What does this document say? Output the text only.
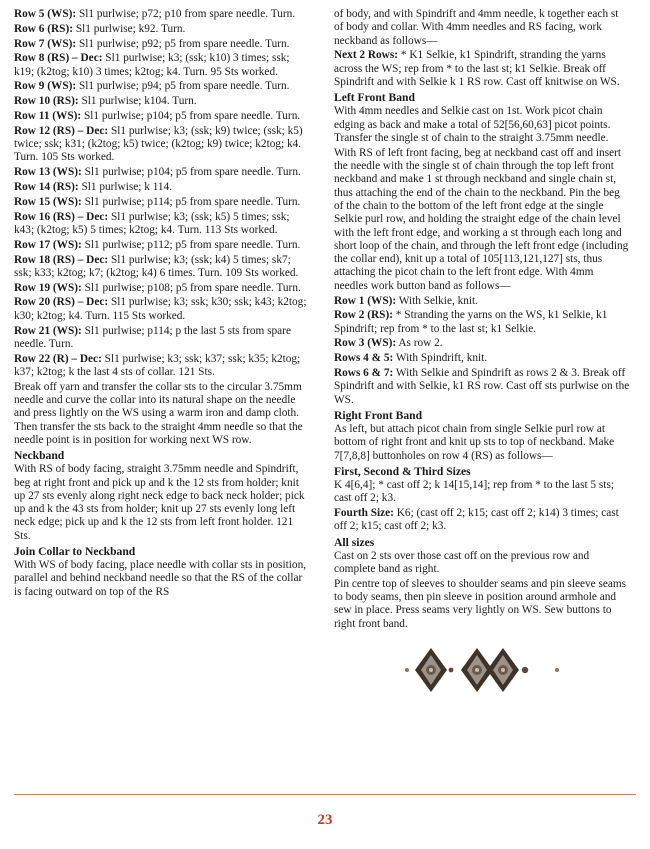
Row 5 (WS): Sl1 purlwise; p72; p10 from spare needle. Turn.

Row 6 (RS): Sl1 purlwise; k92. Turn.

Row 7 (WS): Sl1 purlwise; p92; p5 from spare needle. Turn.

Row 8 (RS) – Dec: Sl1 purlwise; k3; (ssk; k10) 3 times; ssk; k19; (k2tog; k10) 3 times; k2tog; k4. Turn. 95 Sts worked.

Row 9 (WS): Sl1 purlwise; p94; p5 from spare needle. Turn.

Row 10 (RS): Sl1 purlwise; k104. Turn.

Row 11 (WS): Sl1 purlwise; p104; p5 from spare needle. Turn.

Row 12 (RS) – Dec: Sl1 purlwise; k3; (ssk; k9) twice; (ssk; k5) twice; ssk; k31; (k2tog; k5) twice; (k2tog; k9) twice; k2tog; k4. Turn. 105 Sts worked.

Row 13 (WS): Sl1 purlwise; p104; p5 from spare needle. Turn.

Row 14 (RS): Sl1 purlwise; k 114.

Row 15 (WS): Sl1 purlwise; p114; p5 from spare needle. Turn.

Row 16 (RS) – Dec: Sl1 purlwise; k3; (ssk; k5) 5 times; ssk; k43; (k2tog; k5) 5 times; k2tog; k4. Turn. 113 Sts worked.

Row 17 (WS): Sl1 purlwise; p112; p5 from spare needle. Turn.

Row 18 (RS) – Dec: Sl1 purlwise; k3; (ssk; k4) 5 times; sk7; ssk; k33; k2tog; k7; (k2tog; k4) 6 times. Turn. 109 Sts worked.

Row 19 (WS): Sl1 purlwise; p108; p5 from spare needle. Turn.

Row 20 (RS) – Dec: Sl1 purlwise; k3; ssk; k30; ssk; k43; k2tog; k30; k2tog; k4. Turn. 115 Sts worked.

Row 21 (WS): Sl1 purlwise; p114; p the last 5 sts from spare needle. Turn.

Row 22 (R) – Dec: Sl1 purlwise; k3; ssk; k37; ssk; k35; k2tog; k37; k2tog; k the last 4 sts of collar. 121 Sts.

Break off yarn and transfer the collar sts to the circular 3.75mm needle and curve the collar into its natural shape on the needle and press lightly on the WS using a warm iron and damp cloth. Then transfer the sts back to the straight 4mm needle so that the needle point is in position for working next WS row.

Neckband

With RS of body facing, straight 3.75mm needle and Spindrift, beg at right front and pick up and k the 12 sts from holder; knit up 27 sts evenly along right neck edge to back neck holder; pick up and k the 43 sts from holder; knit up 27 sts evenly long left neck edge; pick up and k the 12 sts from left front holder. 121 Sts.

Join Collar to Neckband

With WS of body facing, place needle with collar sts in position, parallel and behind neckband needle so that the RS of the collar is facing outward on top of the RS

of body, and with Spindrift and 4mm needle, k together each st of body and collar. With 4mm needles and RS facing, work neckband as follows—

Next 2 Rows: * K1 Selkie, k1 Spindrift, stranding the yarns across the WS; rep from * to the last st; k1 Selkie. Break off Spindrift and with Selkie k 1 RS row. Cast off knitwise on WS.

Left Front Band

With 4mm needles and Selkie cast on 1st. Work picot chain edging as back and make a total of 52[56,60,63] picot points. Transfer the single st of chain to the straight 3.75mm needle.

With RS of left front facing, beg at neckband cast off and insert the needle with the single st of chain through the top left front neckband and make 1 st through neckband and single chain st, thus attaching the end of the chain to the neckband. Pin the beg of the chain to the bottom of the left front edge at the single Selkie purl row, and holding the straight edge of the chain level with the left front edge, and working a st through each long and short loop of the chain, and through the left front edge (including the collar end), knit up a total of 105[113,121,127] sts, thus attaching the picot chain to the left front edge. With 4mm needles work button band as follows—

Row 1 (WS): With Selkie, knit.

Row 2 (RS): * Stranding the yarns on the WS, k1 Selkie, k1 Spindrift; rep from * to the last st; k1 Selkie.

Row 3 (WS): As row 2.

Rows 4 & 5: With Spindrift, knit.

Rows 6 & 7: With Selkie and Spindrift as rows 2 & 3. Break off Spindrift and with Selkie, k1 RS row. Cast off sts purlwise on the WS.

Right Front Band

As left, but attach picot chain from single Selkie purl row at bottom of right front and knit up sts to top of neckband. Make 7[7,8,8] buttonholes on row 4 (RS) as follows—

First, Second & Third Sizes

K 4[6,4]; * cast off 2; k 14[15,14]; rep from * to the last 5 sts; cast off 2; k3.

Fourth Size: K6; (cast off 2; k15; cast off 2; k14) 3 times; cast off 2; k15; cast off 2; k3.

All sizes

Cast on 2 sts over those cast off on the previous row and complete band as right.

Pin centre top of sleeves to shoulder seams and pin sleeve seams to body seams, then pin sleeve in position around armhole and sew in place. Press seams very lightly on WS. Sew buttons to right front band.

23
